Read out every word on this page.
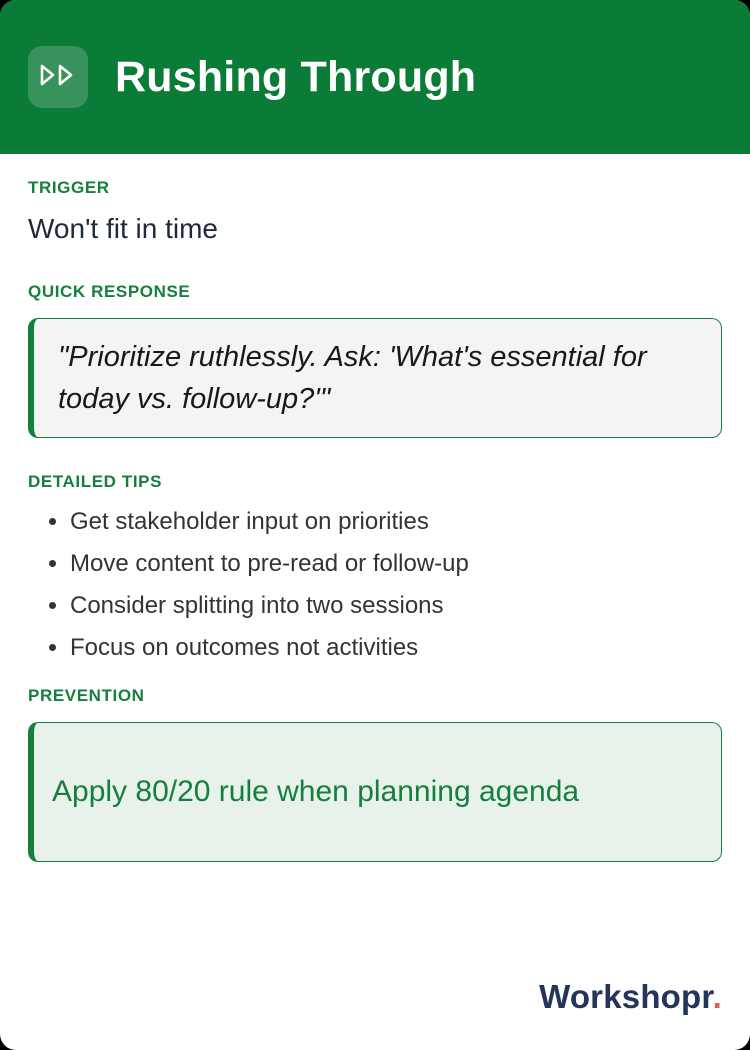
Rushing Through
TRIGGER
Won't fit in time
QUICK RESPONSE
"Prioritize ruthlessly. Ask: 'What's essential for today vs. follow-up?'"
DETAILED TIPS
• Get stakeholder input on priorities
• Move content to pre-read or follow-up
• Consider splitting into two sessions
• Focus on outcomes not activities
PREVENTION
Apply 80/20 rule when planning agenda
Workshopr.
